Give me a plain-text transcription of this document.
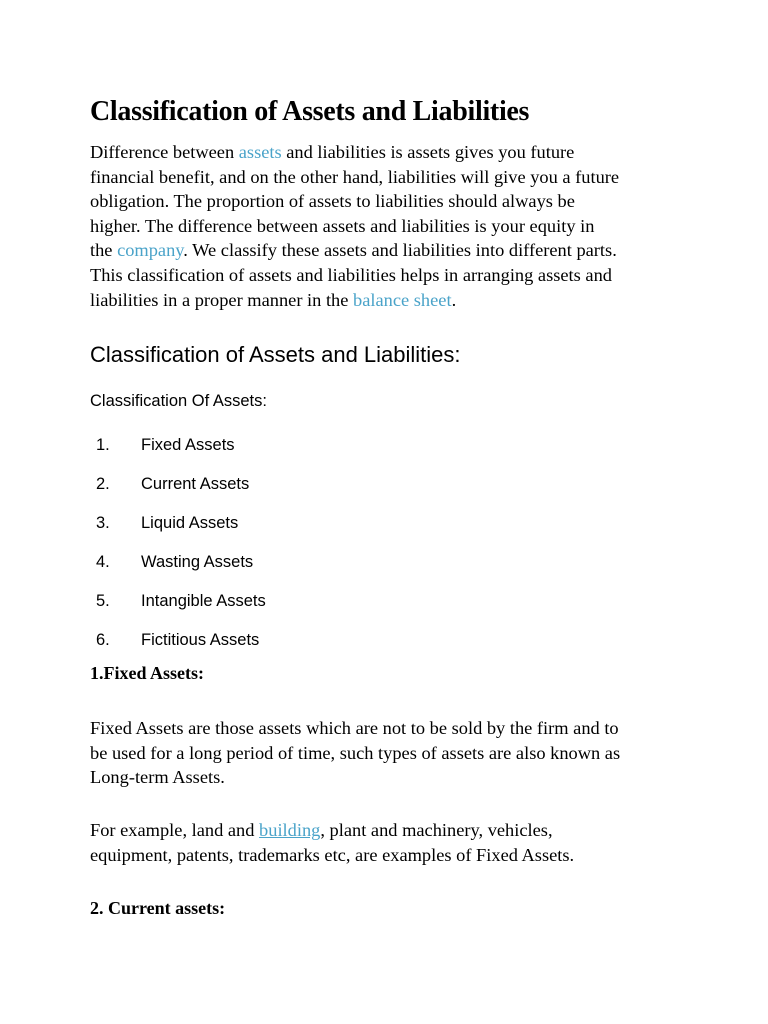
Classification of Assets and Liabilities

Difference between assets and liabilities is assets gives you future
financial benefit, and on the other hand, liabilities will give you a future
obligation. The proportion of assets to liabilities should always be
higher. The difference between assets and liabilities is your equity in
the company. We classify these assets and liabilities into different parts.
This classification of assets and liabilities helps in arranging assets and
liabilities in a proper manner in the balance sheet.

Classification of Assets and Liabilities:
Classification Of Assets:
1. Fixed Assets
2. Current Assets
3. Liquid Assets
4. Wasting Assets
5. Intangible Assets
6. Fictitious Assets
1.Fixed Assets:

Fixed Assets are those assets which are not to be sold by the firm and to
be used for a long period of time, such types of assets are also known as
Long-term Assets.

For example, land and building, plant and machinery, vehicles,
equipment, patents, trademarks etc, are examples of Fixed Assets.

2. Current assets:
